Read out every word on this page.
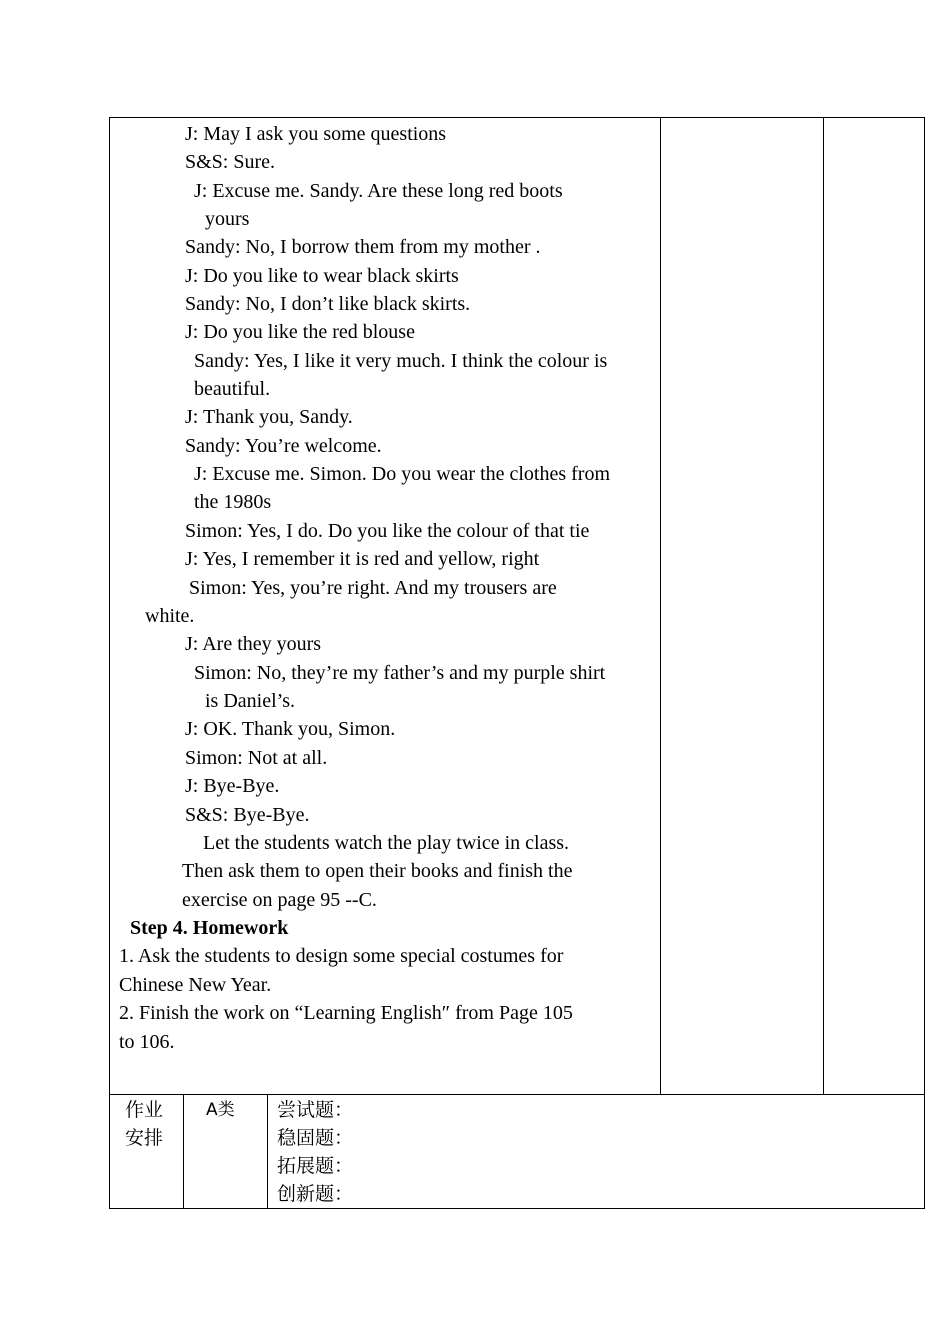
J: May I ask you some questions
S&S: Sure.
J: Excuse me. Sandy. Are these long red boots
yours
Sandy: No, I borrow them from my mother .
J: Do you like to wear black skirts
Sandy: No, I don’t like black skirts.
J: Do you like the red blouse
Sandy: Yes, I like it very much. I think the colour is
beautiful.
J: Thank you, Sandy.
Sandy: You’re welcome.
J: Excuse me. Simon. Do you wear the clothes from
the 1980s
Simon: Yes, I do. Do you like the colour of that tie
J: Yes, I remember it is red and yellow, right
Simon: Yes, you’re right. And my trousers are
white.
J: Are they yours
Simon: No, they’re my father’s and my purple shirt
is Daniel’s.
J: OK. Thank you, Simon.
Simon: Not at all.
J: Bye-Bye.
S&S: Bye-Bye.
Let the students watch the play twice in class.
Then ask them to open their books and finish the
exercise on page 95 --C.
Step 4. Homework
1. Ask the students to design some special costumes for
Chinese New Year.
2. Finish the work on “Learning English″ from Page 105
to 106.
作业
安排
A类 尝试题：
稳固题：
拓展题：
创新题：
